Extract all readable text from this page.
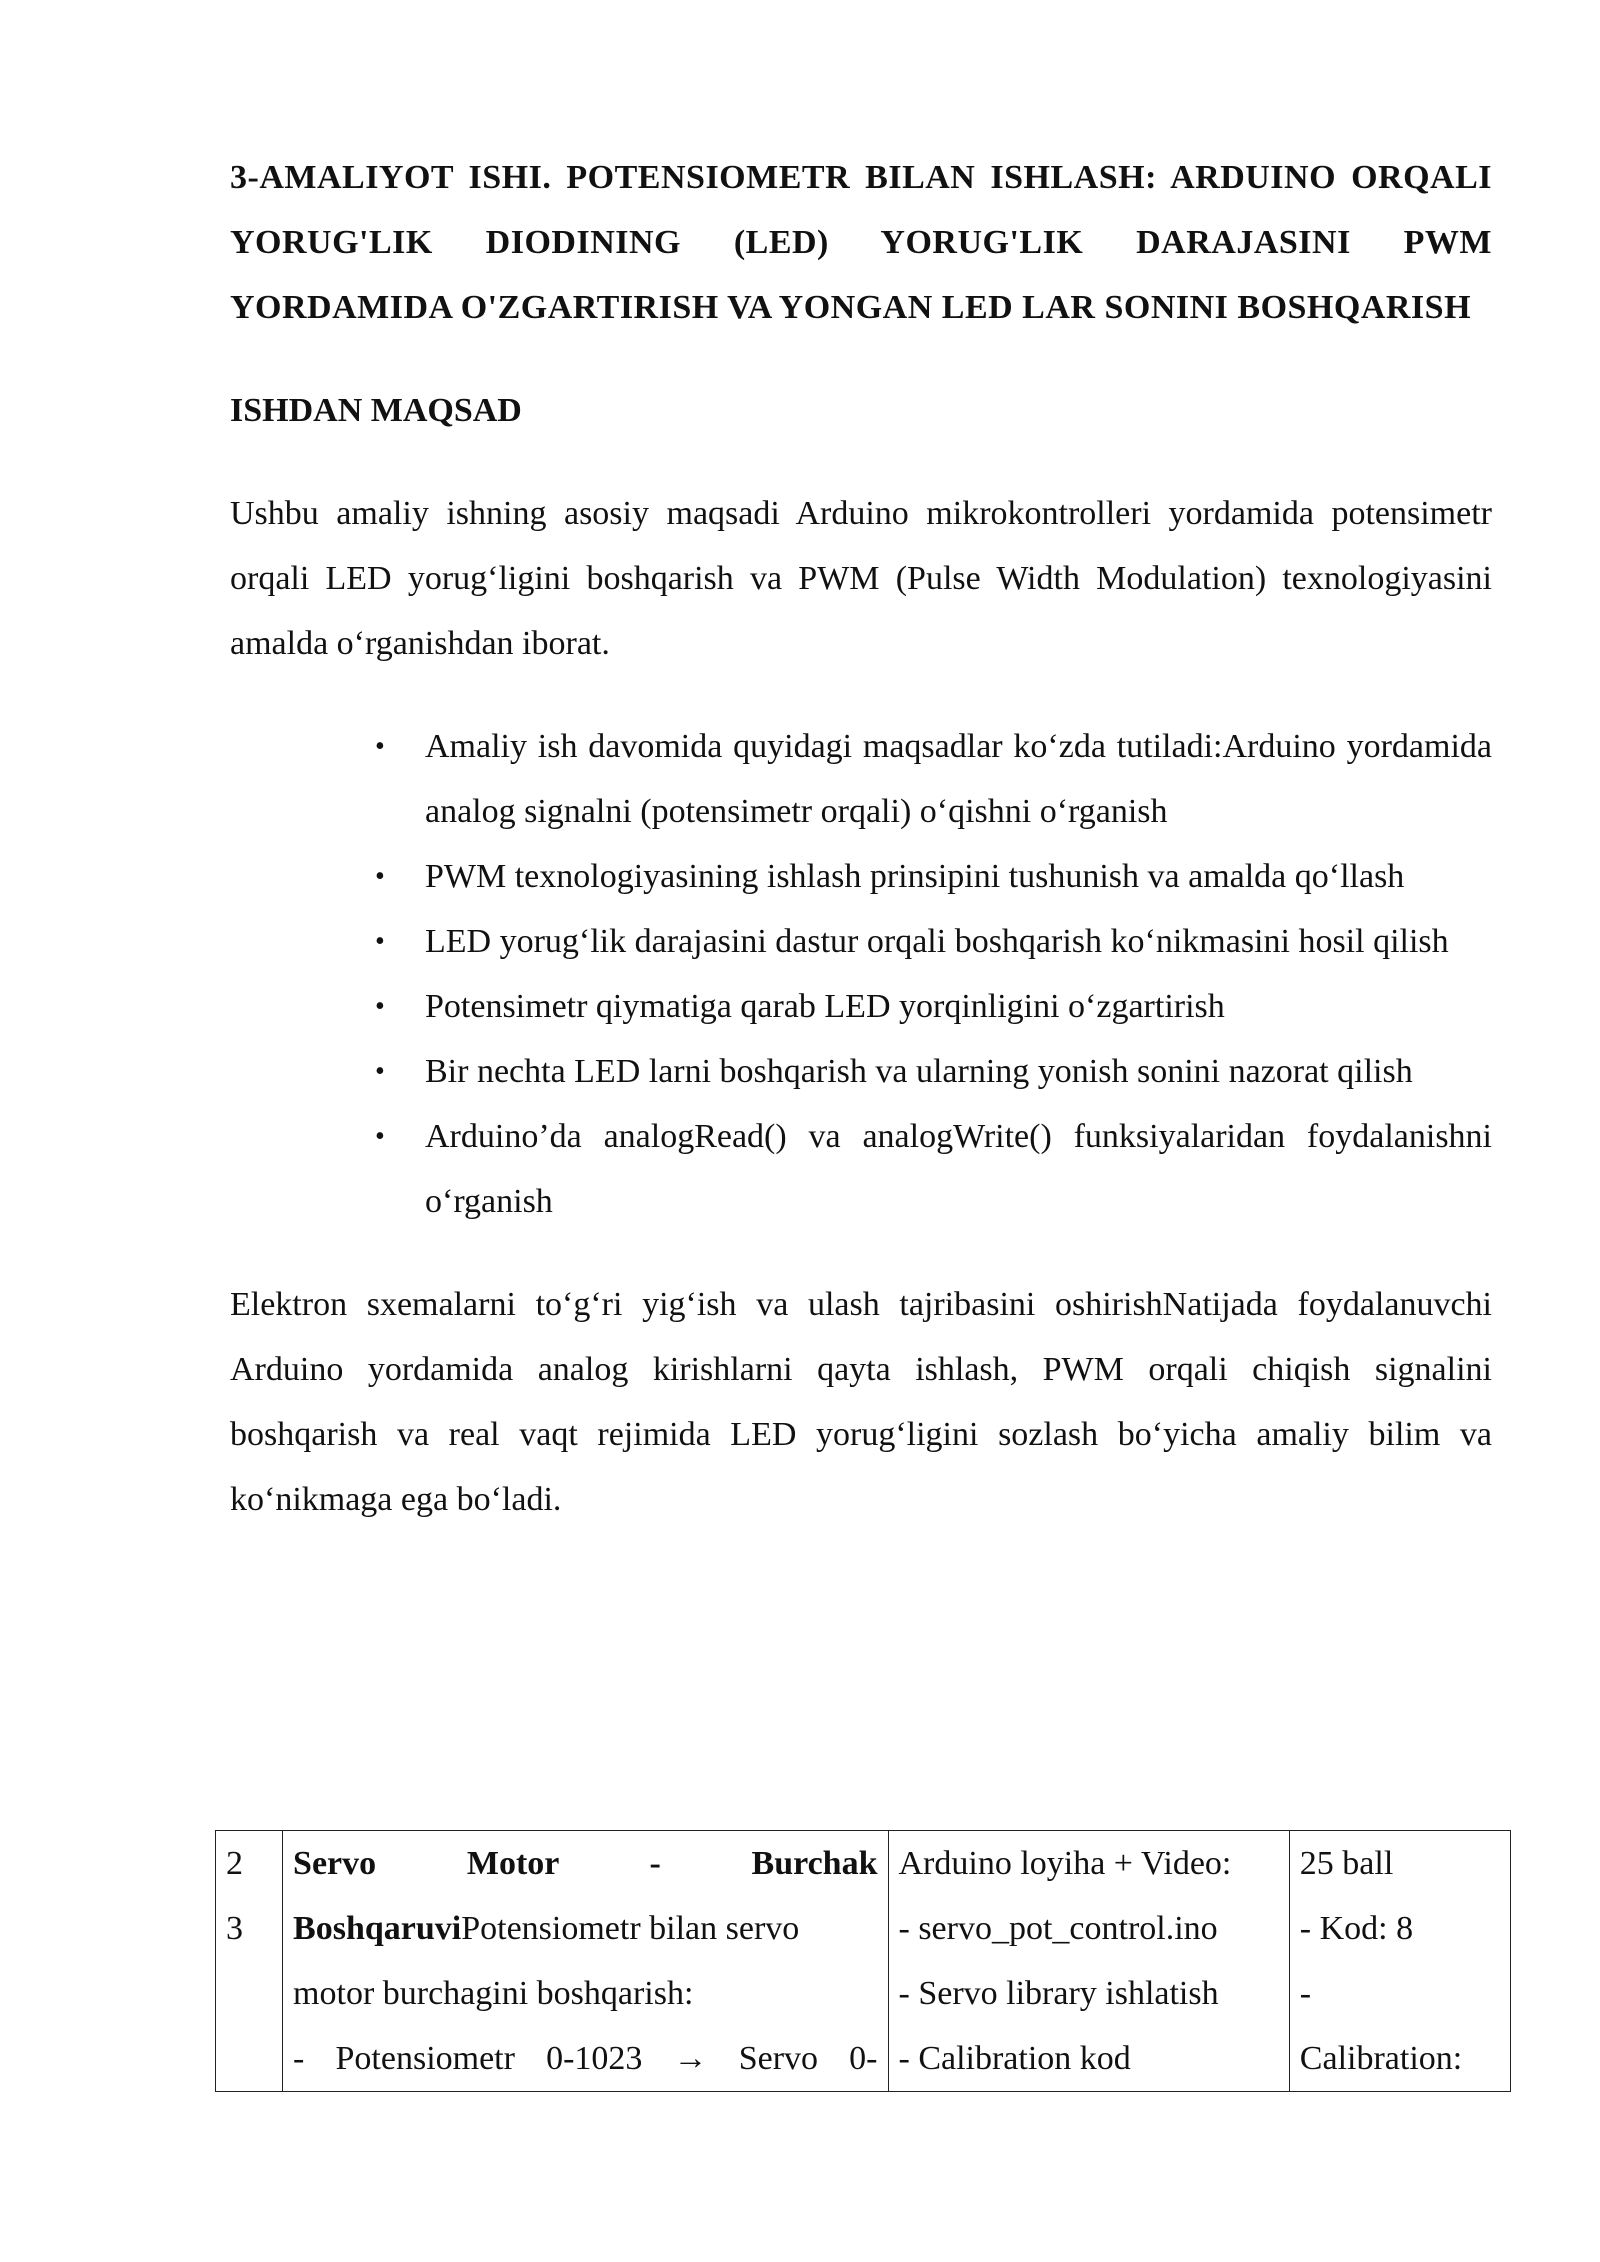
3-AMALIYOT ISHI. POTENSIOMETR BILAN ISHLASH: ARDUINO ORQALI YORUG'LIK DIODINING (LED) YORUG'LIK DARAJASINI PWM YORDAMIDA O'ZGARTIRISH VA YONGAN LED LAR SONINI BOSHQARISH

ISHDAN MAQSAD

Ushbu amaliy ishning asosiy maqsadi Arduino mikrokontrolleri yordamida potensimetr orqali LED yorug‘ligini boshqarish va PWM (Pulse Width Modulation) texnologiyasini amalda o‘rganishdan iborat.

• Amaliy ish davomida quyidagi maqsadlar ko‘zda tutiladi:Arduino yordamida analog signalni (potensimetr orqali) o‘qishni o‘rganish
• PWM texnologiyasining ishlash prinsipini tushunish va amalda qo‘llash
• LED yorug‘lik darajasini dastur orqali boshqarish ko‘nikmasini hosil qilish
• Potensimetr qiymatiga qarab LED yorqinligini o‘zgartirish
• Bir nechta LED larni boshqarish va ularning yonish sonini nazorat qilish
• Arduino’da analogRead() va analogWrite() funksiyalaridan foydalanishni o‘rganish

Elektron sxemalarni to‘g‘ri yig‘ish va ulash tajribasini oshirishNatijada foydalanuvchi Arduino yordamida analog kirishlarni qayta ishlash, PWM orqali chiqish signalini boshqarish va real vaqt rejimida LED yorug‘ligini sozlash bo‘yicha amaliy bilim va ko‘nikmaga ega bo‘ladi.

2
3

Servo Motor - Burchak
BoshqaruviPotensiometr bilan servo
motor burchagini boshqarish:
- Potensiometr 0-1023 → Servo 0-

Arduino loyiha + Video:
- servo_pot_control.ino
- Servo library ishlatish
- Calibration kod

25 ball
- Kod: 8
-
Calibration:
